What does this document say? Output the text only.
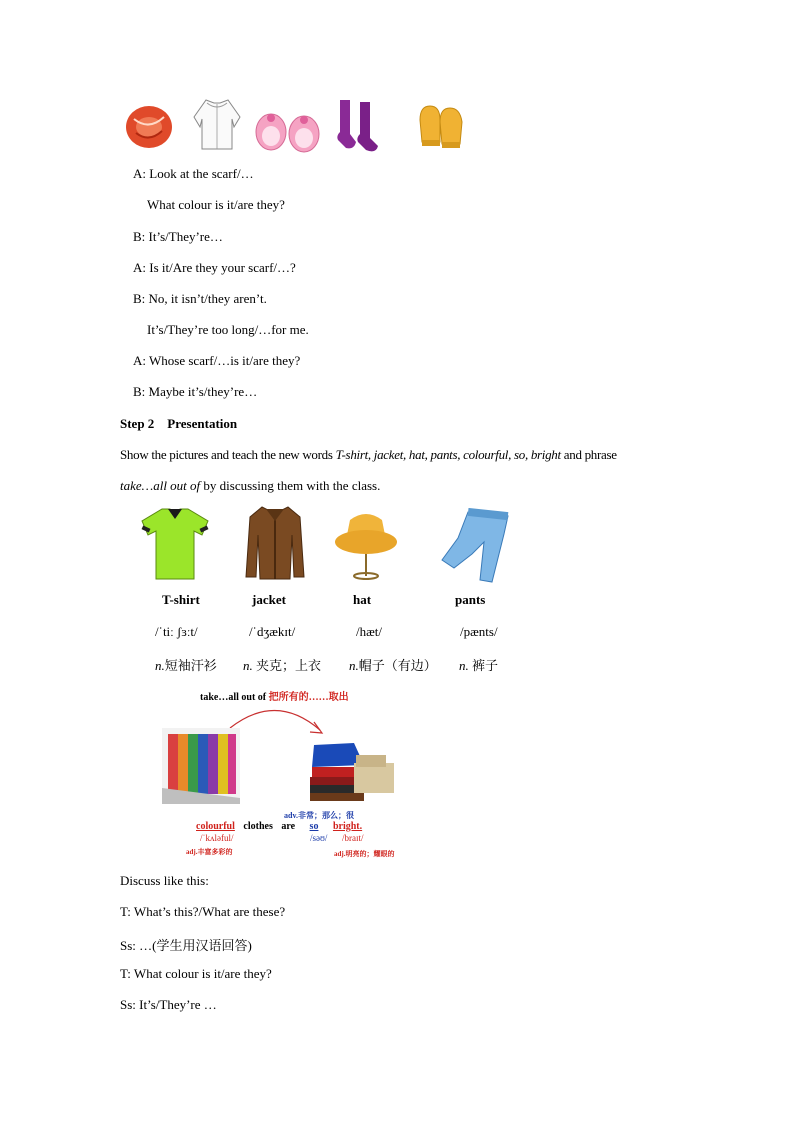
A: Look at the scarf/…
What colour is it/are they?
B: It’s/They’re…
A: Is it/Are they your scarf/…?
B: No, it isn’t/they aren’t.
It’s/They’re too long/…for me.
A: Whose scarf/…is it/are they?
B: Maybe it’s/they’re…
Step 2    Presentation
Show the pictures and teach the new words T-shirt, jacket, hat, pants, colourful, so, bright and phrase
take…all out of by discussing them with the class.
T-shirt	jacket	hat	pants
/ˈtiː ʃɜːt/	/ˈdʒækɪt/	/hæt/	/pænts/
n.短袖汗衫 n. 夹克；上衣 n.帽子（有边） n. 裤子
take…all out of 把所有的……取出
adv.非常；那么；很
colourful clothes are so bright.
/ˈkʌləful/	/səʊ/ /braɪt/
adj.丰富多彩的	adj.明亮的；耀眼的
Discuss like this:
T: What’s this?/What are these?
Ss: …(学生用汉语回答)
T: What colour is it/are they?
Ss: It’s/They’re …
